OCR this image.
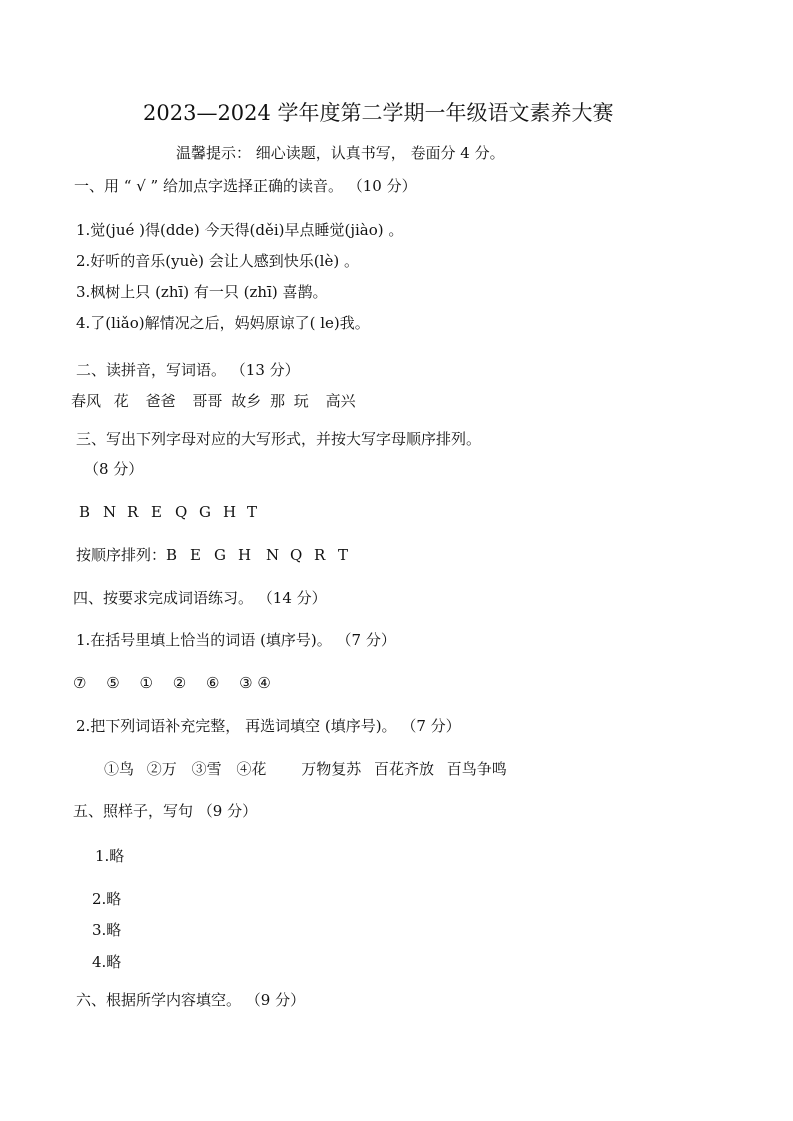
2023—2024 学年度第二学期一年级语文素养大赛
温馨提示： 细心读题，认真书写， 卷面分 4 分。
一、用 “ √ ” 给加点字选择正确的读音。 （10 分）
1.觉(jué )得(dde) 今天得(děi)早点睡觉(jiào) 。
2.好听的音乐(yuè) 会让人感到快乐(lè) 。
3.枫树上只 (zhī) 有一只 (zhī) 喜鹊。
4.了(liǎo)解情况之后，妈妈原谅了( le)我。
二、读拼音，写词语。 （13 分）
春风 花 爸爸 哥哥 故乡 那 玩 高兴
三、写出下列字母对应的大写形式，并按大写字母顺序排列。
（8 分）
B N R E Q G H T
按顺序排列：B E G H N Q R T
四、按要求完成词语练习。 （14 分）
1.在括号里填上恰当的词语 (填序号)。 （7 分）
⑦ ⑤ ① ② ⑥ ③ ④
2.把下列词语补充完整， 再选词填空 (填序号)。 （7 分）
①鸟 ②万 ③雪 ④花 万物复苏 百花齐放 百鸟争鸣
五、照样子，写句 （9 分）
1.略
2.略
3.略
4.略
六、根据所学内容填空。 （9 分）
